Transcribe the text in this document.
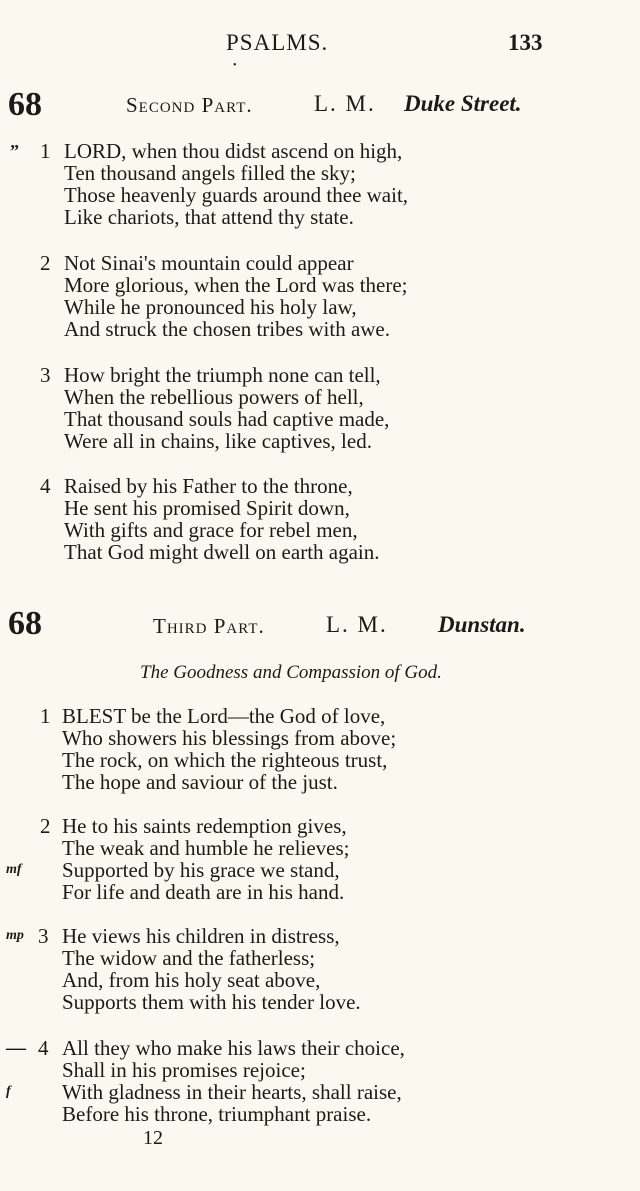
PSALMS.	133
•
68	Second Part.	L. M. Duke Street.
ˮ 1 LORD, when thou didst ascend on high,
Ten thousand angels filled the sky;
Those heavenly guards around thee wait,
Like chariots, that attend thy state.
2 Not Sinai's mountain could appear
More glorious, when the Lord was there;
While he pronounced his holy law,
And struck the chosen tribes with awe.
3 How bright the triumph none can tell,
When the rebellious powers of hell,
That thousand souls had captive made,
Were all in chains, like captives, led.
4 Raised by his Father to the throne,
He sent his promised Spirit down,
With gifts and grace for rebel men,
That God might dwell on earth again.
68	Third Part.	L. M. Dunstan.
The Goodness and Compassion of God.
1 BLEST be the Lord—the God of love,
Who showers his blessings from above;
The rock, on which the righteous trust,
The hope and saviour of the just.
2
mf
He to his saints redemption gives,
The weak and humble he relieves;
Supported by his grace we stand,
For life and death are in his hand.
mp 3 He views his children in distress,
The widow and the fatherless;
And, from his holy seat above,
Supports them with his tender love.
—
f
4 All they who make his laws their choice,
Shall in his promises rejoice;
With gladness in their hearts, shall raise,
Before his throne, triumphant praise.
12
